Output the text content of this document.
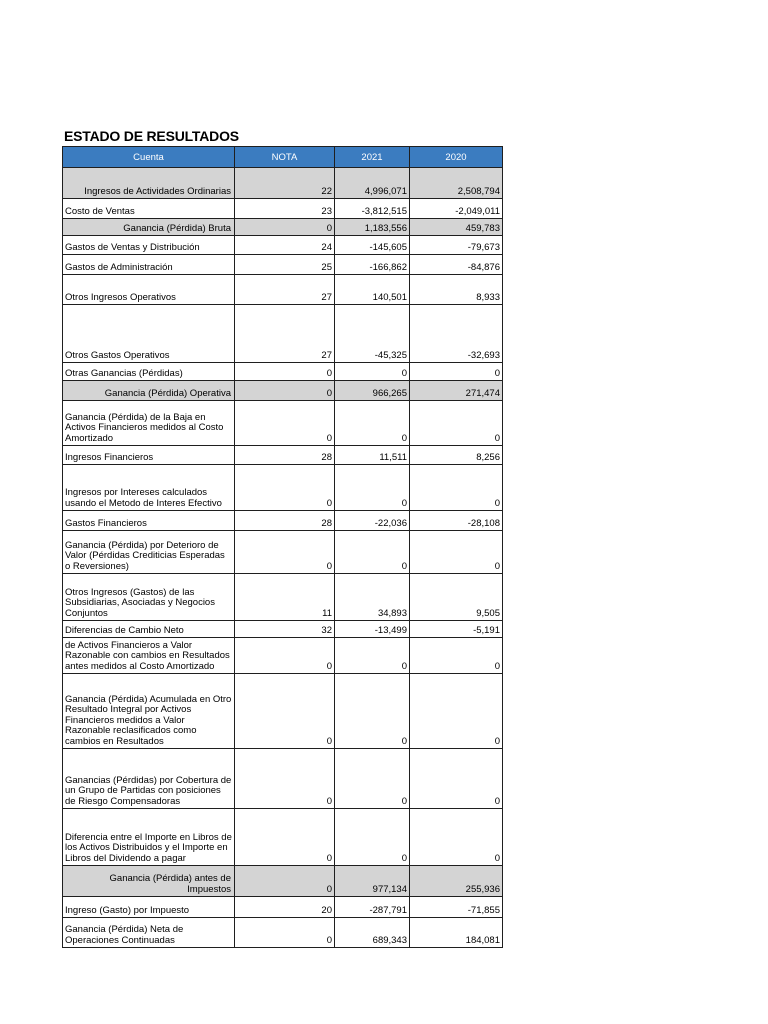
ESTADO DE RESULTADOS
Cuenta	NOTA	2021	2020
Ingresos de Actividades Ordinarias	22	4,996,071	2,508,794
Costo de Ventas	23	-3,812,515	-2,049,011
Ganancia (Pérdida) Bruta	0	1,183,556	459,783
Gastos de Ventas y Distribución	24	-145,605	-79,673
Gastos de Administración	25	-166,862	-84,876
Otros Ingresos Operativos	27	140,501	8,933
Otros Gastos Operativos	27	-45,325	-32,693
Otras Ganancias (Pérdidas)	0	0	0
Ganancia (Pérdida) Operativa	0	966,265	271,474
Ganancia (Pérdida) de la Baja en Activos Financieros medidos al Costo Amortizado	0	0	0
Ingresos Financieros	28	11,511	8,256
Ingresos por Intereses calculados usando el Metodo de Interes Efectivo	0	0	0
Gastos Financieros	28	-22,036	-28,108
Ganancia (Pérdida) por Deterioro de Valor (Pérdidas Crediticias Esperadas o Reversiones)	0	0	0
Otros Ingresos (Gastos) de las Subsidiarias, Asociadas y Negocios Conjuntos	11	34,893	9,505
Diferencias de Cambio Neto	32	-13,499	-5,191
de Activos Financieros a Valor Razonable con cambios en Resultados antes medidos al Costo Amortizado	0	0	0
Ganancia (Pérdida) Acumulada en Otro Resultado Integral por Activos Financieros medidos a Valor Razonable reclasificados como cambios en Resultados	0	0	0
Ganancias (Pérdidas) por Cobertura de un Grupo de Partidas con posiciones de Riesgo Compensadoras	0	0	0
Diferencia entre el Importe en Libros de los Activos Distribuidos y el Importe en Libros del Dividendo a pagar	0	0	0
Ganancia (Pérdida) antes de Impuestos	0	977,134	255,936
Ingreso (Gasto) por Impuesto	20	-287,791	-71,855
Ganancia (Pérdida) Neta de Operaciones Continuadas	0	689,343	184,081
